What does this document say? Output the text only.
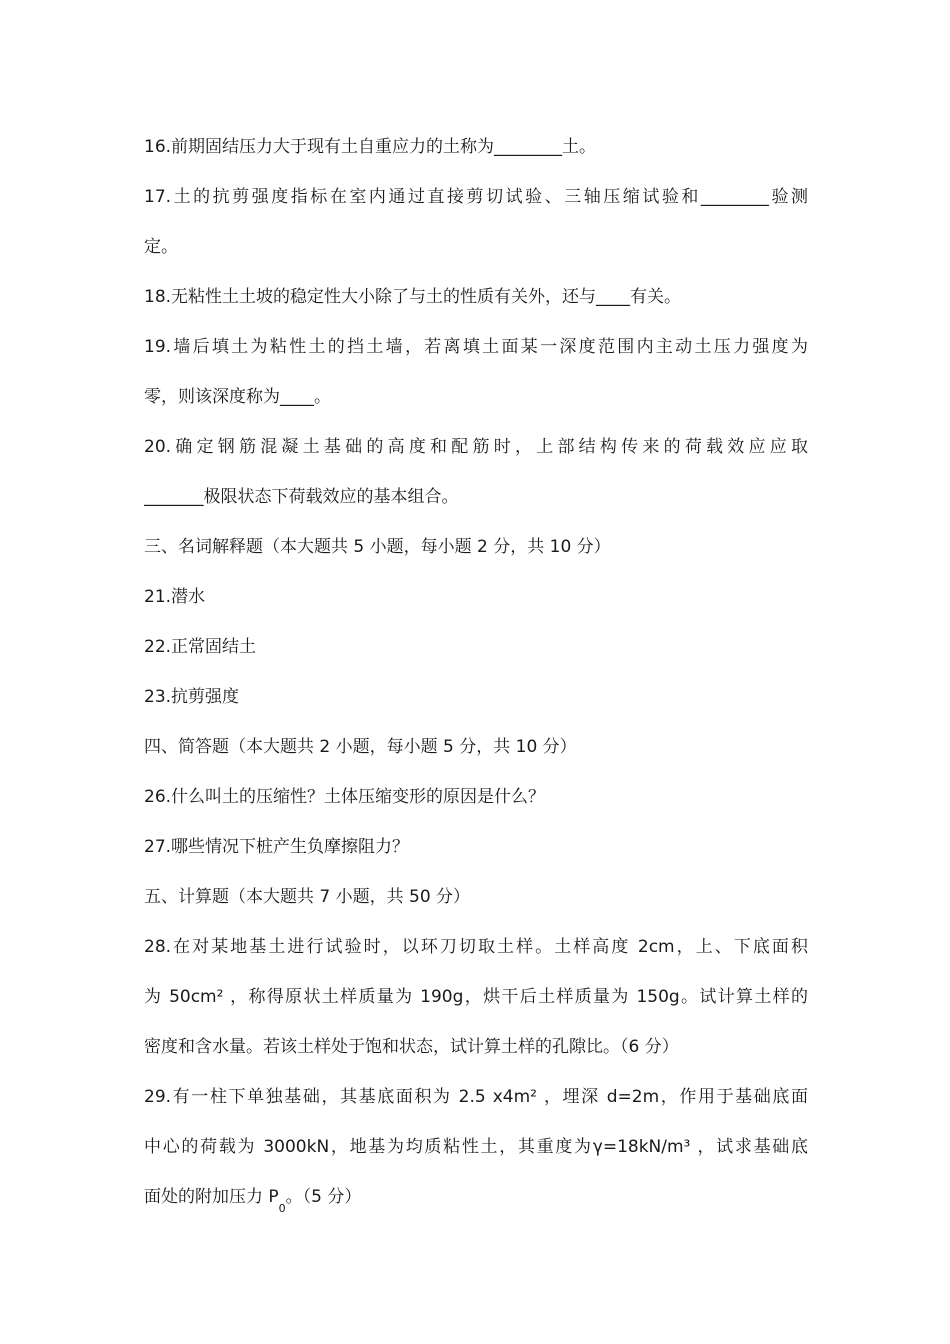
16.前期固结压力大于现有土自重应力的土称为________土。
17.土的抗剪强度指标在室内通过直接剪切试验、三轴压缩试验和________验测
定。
18.无粘性土土坡的稳定性大小除了与土的性质有关外，还与____有关。
19.墙后填土为粘性土的挡土墙，若离填土面某一深度范围内主动土压力强度为
零，则该深度称为____。
20.确定钢筋混凝土基础的高度和配筋时，上部结构传来的荷载效应应取
_______极限状态下荷载效应的基本组合。
三、名词解释题（本大题共 5 小题，每小题 2 分，共 10 分）
21.潜水
22.正常固结土
23.抗剪强度
四、简答题（本大题共 2 小题，每小题 5 分，共 10 分）
26.什么叫土的压缩性？土体压缩变形的原因是什么？
27.哪些情况下桩产生负摩擦阻力？
五、计算题（本大题共 7 小题，共 50 分）
28.在对某地基土进行试验时，以环刀切取土样。土样高度 2cm，上、下底面积
为 50cm² ，称得原状土样质量为 190g，烘干后土样质量为 150g。试计算土样的
密度和含水量。若该土样处于饱和状态，试计算土样的孔隙比。（6 分）
29.有一柱下单独基础，其基底面积为 2.5 x4m² ，埋深 d=2m，作用于基础底面
中心的荷载为 3000kN，地基为均质粘性土，其重度为γ=18kN/m³ ，试求基础底
面处的附加压力 $P_0$。（5 分）
